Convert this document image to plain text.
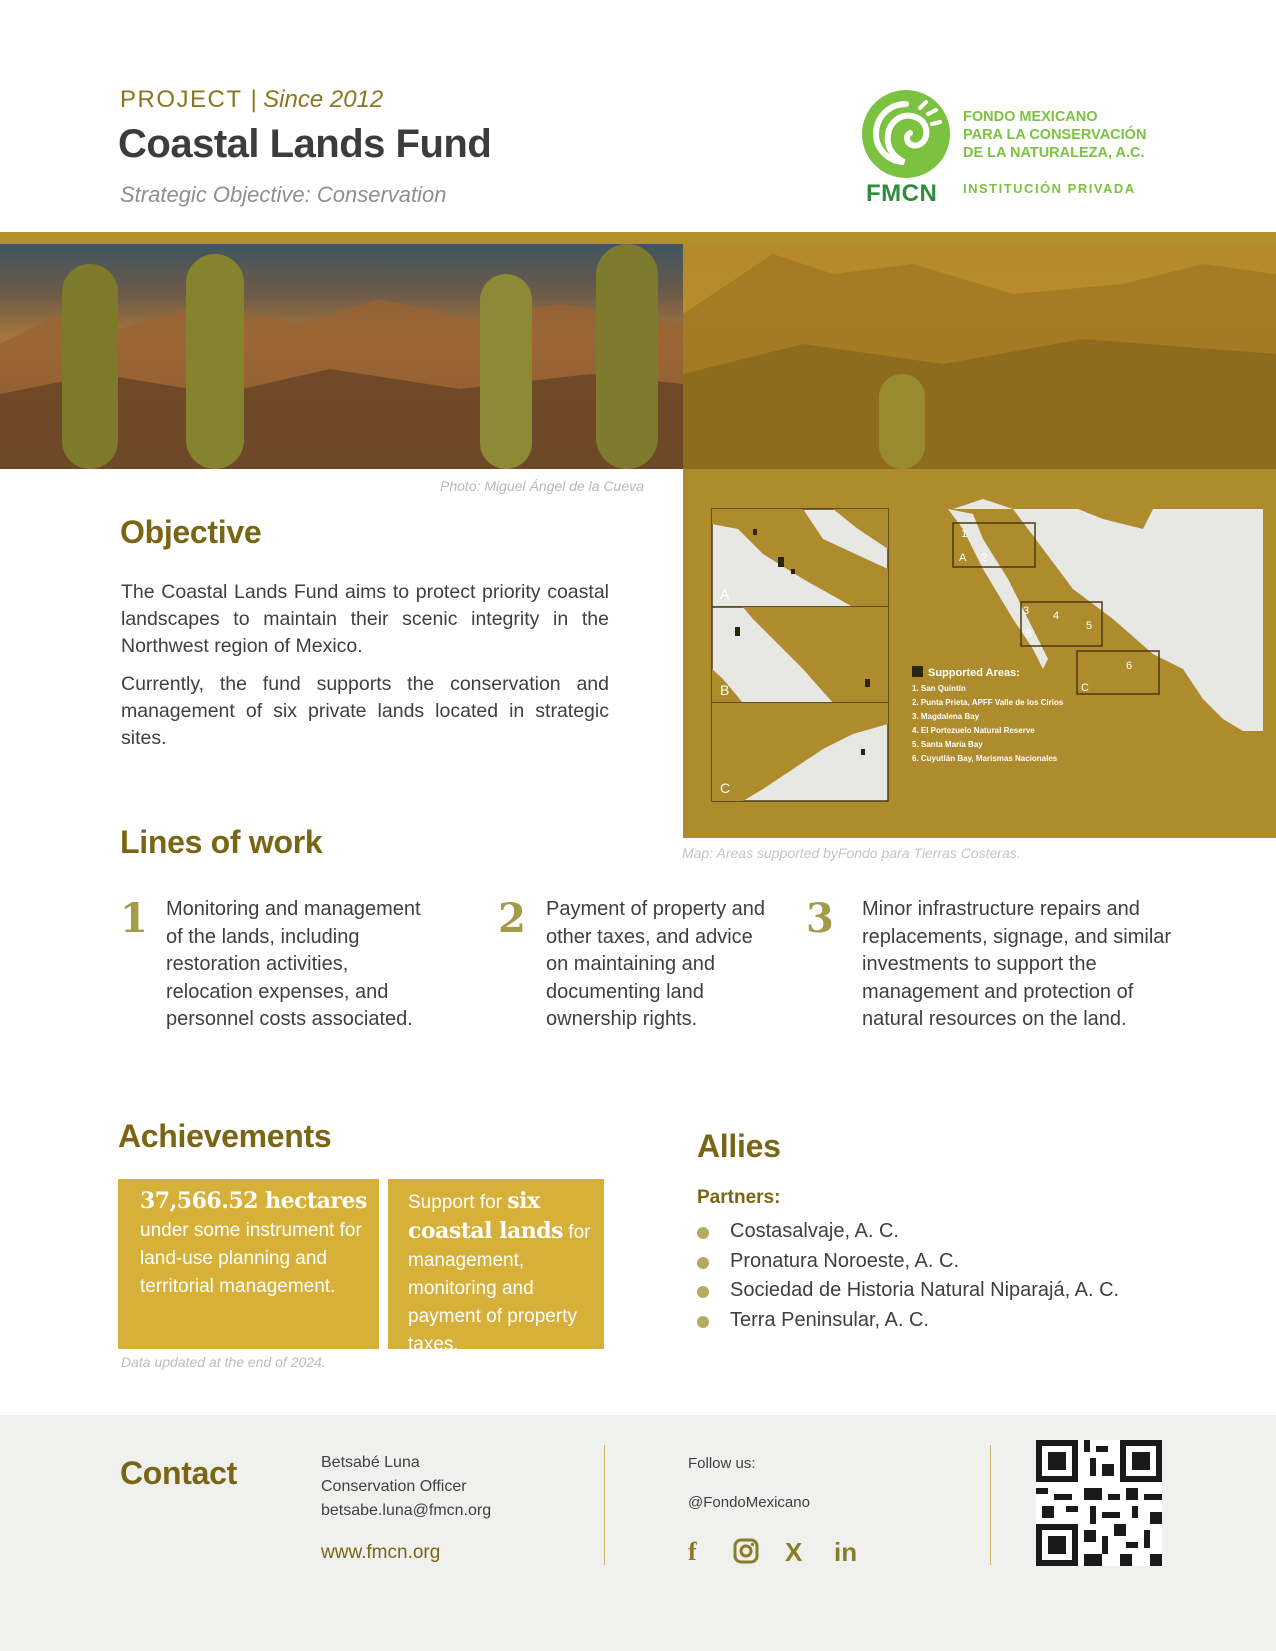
PROJECT | Since 2012
Coastal Lands Fund
Strategic Objective: Conservation	FMCN
FONDO MEXICANO
PARA LA CONSERVACIÓN
DE LA NATURALEZA, A.C.
INSTITUCIÓN PRIVADA
Photo: Miguel Ángel de la Cueva
A
B
C
1
A 2
3
B
4
5
C
6
Supported Areas:
1. San Quintín
2. Punta Prieta, APFF Valle de los Cirios
3. Magdalena Bay
4. El Portezuelo Natural Reserve
5. Santa María Bay
6. Cuyutlán Bay, Marismas Nacionales
Map: Areas supported byFondo para Tierras Costeras.
Objective

The Coastal Lands Fund aims to protect priority coastal landscapes to maintain their scenic integrity in the Northwest region of Mexico.

Currently, the fund supports the conservation and management of six private lands located in strategic sites.

Lines of work
1 Monitoring and management of the lands, including restoration activities, relocation expenses, and personnel costs associated.
2 Payment of property and other taxes, and advice on maintaining and documenting land ownership rights.
3 Minor infrastructure repairs and replacements, signage, and similar investments to support the management and protection of natural resources on the land.
Achievements
37,566.52 hectares under some instrument for land-use planning and territorial management.
Support for six coastal lands for management, monitoring and payment of property taxes.
Data updated at the end of 2024.
Allies
Partners:
Costasalvaje, A. C.
Pronatura Noroeste, A. C.
Sociedad de Historia Natural Niparajá, A. C.
Terra Peninsular, A. C.
Contact	Betsabé Luna
Conservation Officer
betsabe.luna@fmcn.org
www.fmcn.org
Follow us:
@FondoMexicano
f	X in
